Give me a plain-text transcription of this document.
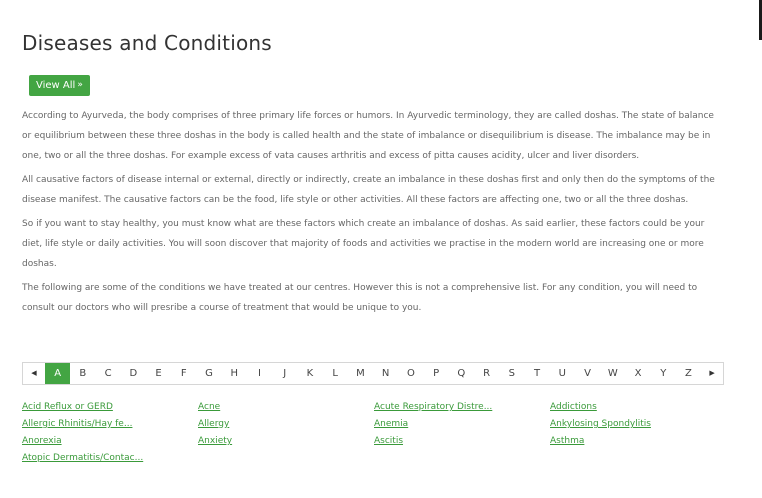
Diseases and Conditions
View All »

According to Ayurveda, the body comprises of three primary life forces or humors. In Ayurvedic terminology, they are called doshas. The state of balance or equilibrium between these three doshas in the body is called health and the state of imbalance or disequilibrium is disease. The imbalance may be in one, two or all the three doshas. For example excess of vata causes arthritis and excess of pitta causes acidity, ulcer and liver disorders.

All causative factors of disease internal or external, directly or indirectly, create an imbalance in these doshas first and only then do the symptoms of the disease manifest. The causative factors can be the food, life style or other activities. All these factors are affecting one, two or all the three doshas.

So if you want to stay healthy, you must know what are these factors which create an imbalance of doshas. As said earlier, these factors could be your diet, life style or daily activities. You will soon discover that majority of foods and activities we practise in the modern world are increasing one or more doshas.

The following are some of the conditions we have treated at our centres. However this is not a comprehensive list. For any condition, you will need to consult our doctors who will presribe a course of treatment that would be unique to you.

◀	A	B	C	D	E	F	G	H	I	J	K	L	M	N	O	P	Q	R	S	T	U	V	W	X	Y	Z	▶
Acid Reflux or GERD	Acne	Acute Respiratory Distre...	Addictions
Allergic Rhinitis/Hay fe...	Allergy	Anemia	Ankylosing Spondylitis
Anorexia	Anxiety	Ascitis	Asthma
Atopic Dermatitis/Contac...
